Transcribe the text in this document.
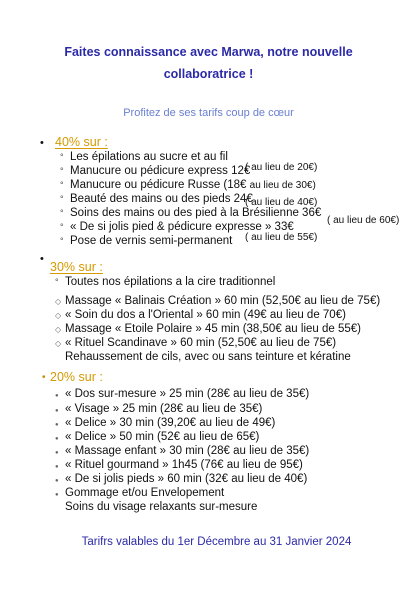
Faites connaissance avec Marwa, notre nouvelle
collaboratrice !
Profitez de ses tarifs coup de cœur
• 40% sur :
° Les épilations au sucre et au fil
° Manucure ou pédicure express 12€
( au lieu de 20€)
° Manucure ou pédicure Russe (18€ au lieu de 30€)
° Beauté des mains ou des pieds 24€
( au lieu de 40€)
° Soins des mains ou des pied à la Brésilienne 36€
( au lieu de 60€)
° « De si jolis pied & pédicure expresse » 33€
( au lieu de 55€)
° Pose de vernis semi-permanent
•
30% sur :
° Toutes nos épilations a la cire traditionnel
◇ Massage « Balinais Création » 60 min (52,50€ au lieu de 75€)
◇ « Soin du dos a l'Oriental » 60 min (49€ au lieu de 70€)
◇ Massage « Etoile Polaire » 45 min (38,50€ au lieu de 55€)
◇ « Rituel Scandinave » 60 min (52,50€ au lieu de 75€)
Rehaussement de cils, avec ou sans teinture et kératine
• 20% sur :
● « Dos sur-mesure » 25 min (28€ au lieu de 35€)
● « Visage » 25 min (28€ au lieu de 35€)
● « Delice » 30 min (39,20€ au lieu de 49€)
● « Delice » 50 min (52€ au lieu de 65€)
● « Massage enfant » 30 min (28€ au lieu de 35€)
● « Rituel gourmand » 1h45 (76€ au lieu de 95€)
● « De si jolis pieds » 60 min (32€ au lieu de 40€)
● Gommage et/ou Envelopement
Soins du visage relaxants sur-mesure
Tarifrs valables du 1er Décembre au 31 Janvier 2024
